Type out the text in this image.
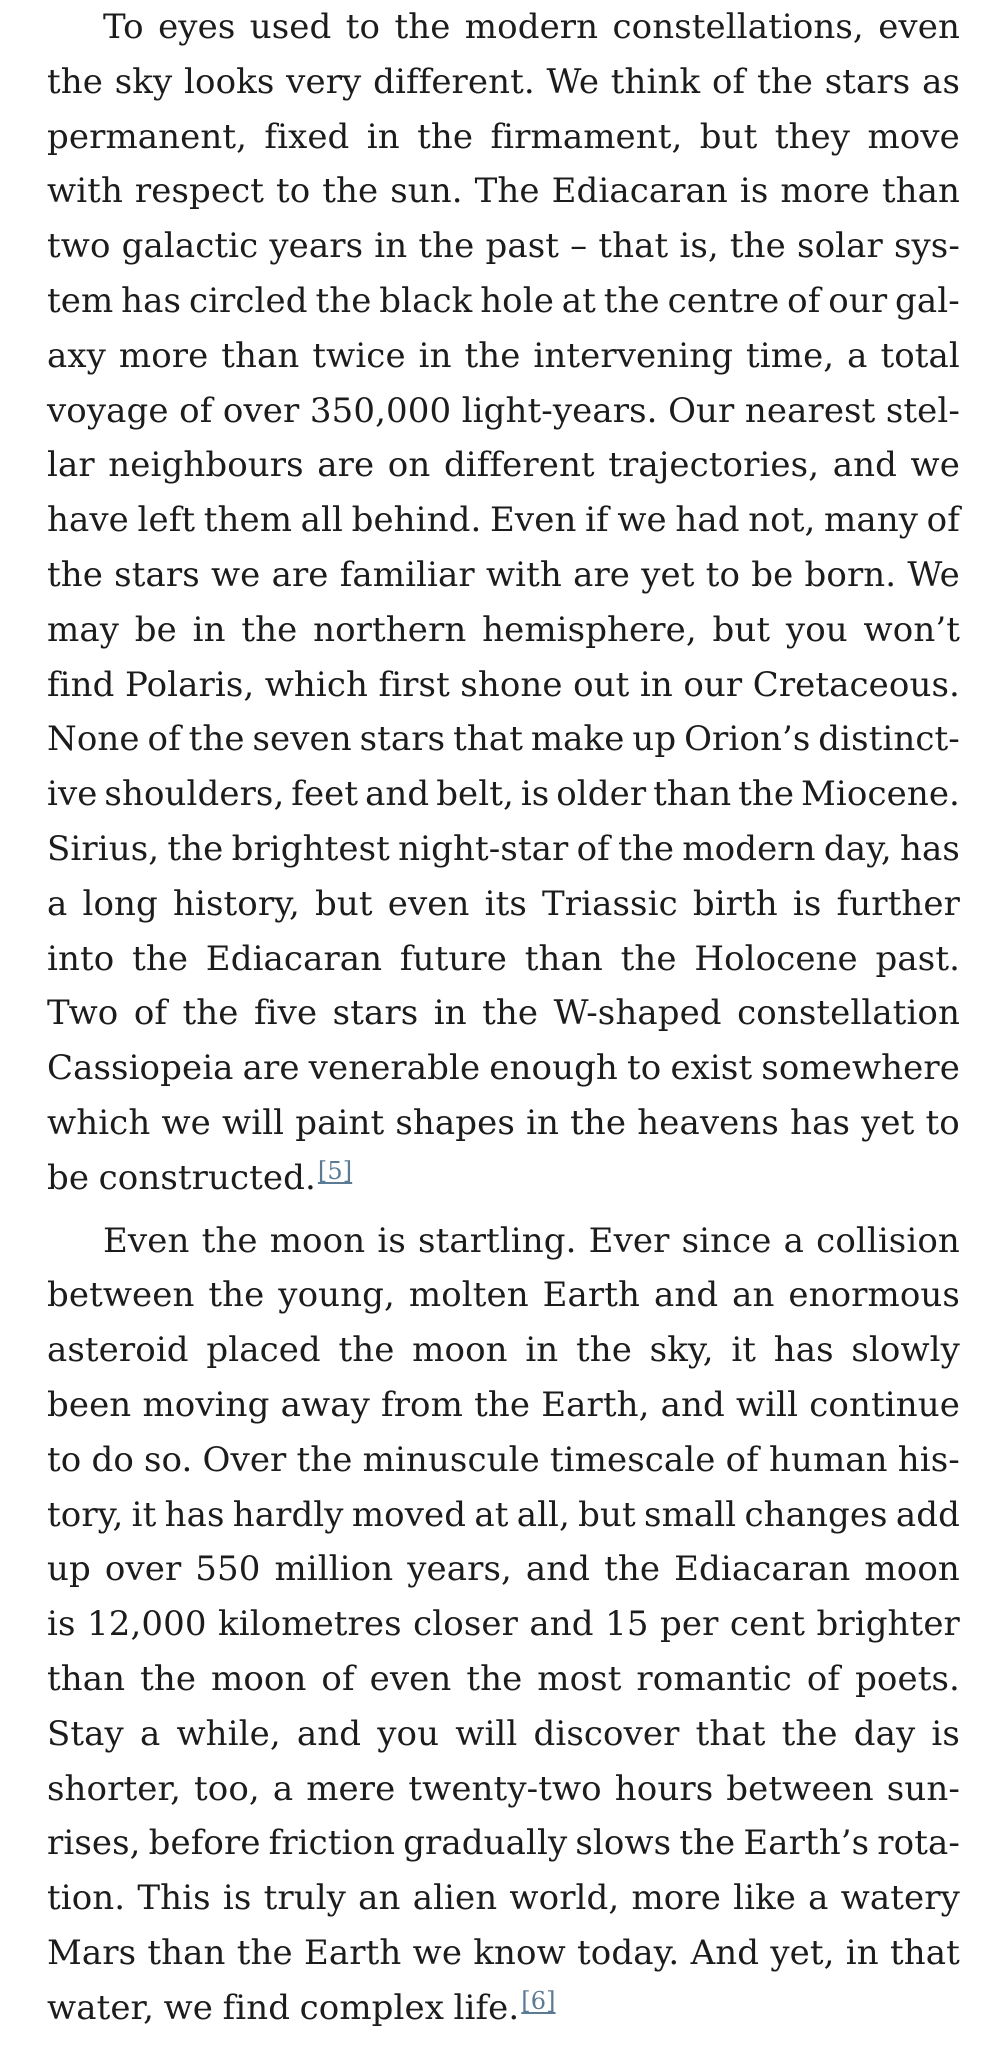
To eyes used to the modern constellations, even
the sky looks very different. We think of the stars as
permanent, fixed in the firmament, but they move
with respect to the sun. The Ediacaran is more than
two galactic years in the past – that is, the solar sys-
tem has circled the black hole at the centre of our gal-
axy more than twice in the intervening time, a total
voyage of over 350,000 light-years. Our nearest stel-
lar neighbours are on different trajectories, and we
have left them all behind. Even if we had not, many of
the stars we are familiar with are yet to be born. We
may be in the northern hemisphere, but you won’t
find Polaris, which first shone out in our Cretaceous.
None of the seven stars that make up Orion’s distinct-
ive shoulders, feet and belt, is older than the Miocene.
Sirius, the brightest night-star of the modern day, has
a long history, but even its Triassic birth is further
into the Ediacaran future than the Holocene past.
Two of the five stars in the W-shaped constellation
Cassiopeia are venerable enough to exist somewhere
which we will paint shapes in the heavens has yet to
be constructed.[5]
Even the moon is startling. Ever since a collision
between the young, molten Earth and an enormous
asteroid placed the moon in the sky, it has slowly
been moving away from the Earth, and will continue
to do so. Over the minuscule timescale of human his-
tory, it has hardly moved at all, but small changes add
up over 550 million years, and the Ediacaran moon
is 12,000 kilometres closer and 15 per cent brighter
than the moon of even the most romantic of poets.
Stay a while, and you will discover that the day is
shorter, too, a mere twenty-two hours between sun-
rises, before friction gradually slows the Earth’s rota-
tion. This is truly an alien world, more like a watery
Mars than the Earth we know today. And yet, in that
water, we find complex life.[6]
